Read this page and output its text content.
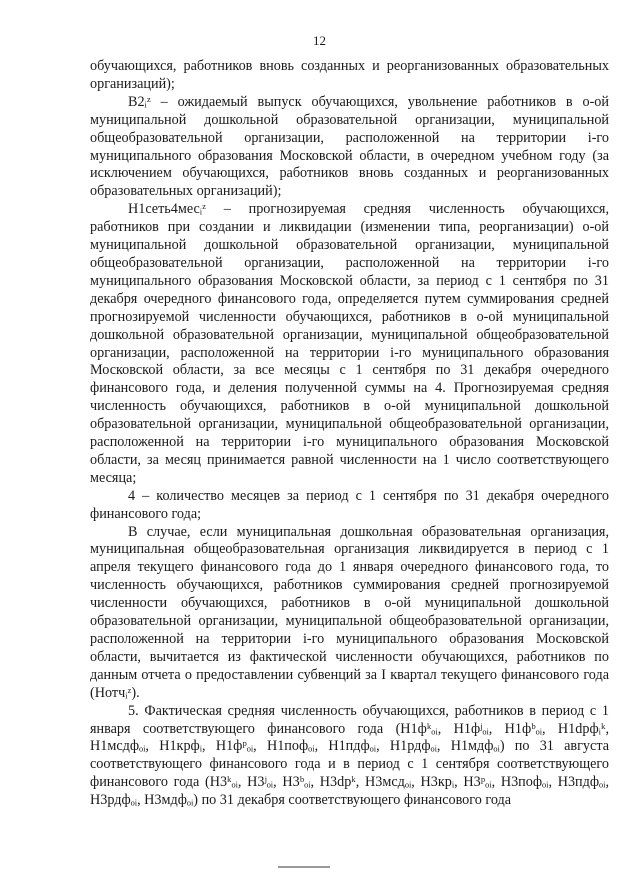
12

обучающихся, работников вновь созданных и реорганизованных образовательных организаций);

В2ᵢᶻ – ожидаемый выпуск обучающихся, увольнение работников в о-ой муниципальной дошкольной образовательной организации, муниципальной общеобразовательной организации, расположенной на территории i-го муниципального образования Московской области, в очередном учебном году (за исключением обучающихся, работников вновь созданных и реорганизованных образовательных организаций);

Н1сеть4месᵢᶻ – прогнозируемая средняя численность обучающихся, работников при создании и ликвидации (изменении типа, реорганизации) о-ой муниципальной дошкольной образовательной организации, муниципальной общеобразовательной организации, расположенной на территории i-го муниципального образования Московской области, за период с 1 сентября по 31 декабря очередного финансового года, определяется путем суммирования средней прогнозируемой численности обучающихся, работников в о-ой муниципальной дошкольной образовательной организации, муниципальной общеобразовательной организации, расположенной на территории i-го муниципального образования Московской области, за все месяцы с 1 сентября по 31 декабря очередного финансового года, и деления полученной суммы на 4. Прогнозируемая средняя численность обучающихся, работников в о-ой муниципальной дошкольной образовательной организации, муниципальной общеобразовательной организации, расположенной на территории i-го муниципального образования Московской области, за месяц принимается равной численности на 1 число соответствующего месяца;

4 – количество месяцев за период с 1 сентября по 31 декабря очередного финансового года;

В случае, если муниципальная дошкольная образовательная организация, муниципальная общеобразовательная организация ликвидируется в период с 1 апреля текущего финансового года до 1 января очередного финансового года, то численность обучающихся, работников суммирования средней прогнозируемой численности обучающихся, работников в о-ой муниципальной дошкольной образовательной организации, муниципальной общеобразовательной организации, расположенной на территории i-го муниципального образования Московской области, вычитается из фактической численности обучающихся, работников по данным отчета о предоставлении субвенций за I квартал текущего финансового года (Нотчᵢᶻ).

5. Фактическая средняя численность обучающихся, работников в период с 1 января соответствующего финансового года (Н1фᵏₒᵢ, Н1фʲₒᵢ, Н1фᵇₒᵢ, Н1dрфᵢᵏ, Н1мсдфₒᵢ, Н1крфᵢ, Н1фᵖₒᵢ, Н1пофₒᵢ, Н1пдфₒᵢ, Н1рдфₒᵢ, Н1мдфₒᵢ) по 31 августа соответствующего финансового года и в период с 1 сентября соответствующего финансового года (Н3ᵏₒᵢ, Н3ʲₒᵢ, Н3ᵇₒᵢ, Н3dрᵏ, Н3мсдₒᵢ, Н3крᵢ, Н3ᵖₒᵢ, Н3пофₒᵢ, Н3пдфₒᵢ, Н3рдфₒᵢ, Н3мдфₒᵢ) по 31 декабря соответствующего финансового года
